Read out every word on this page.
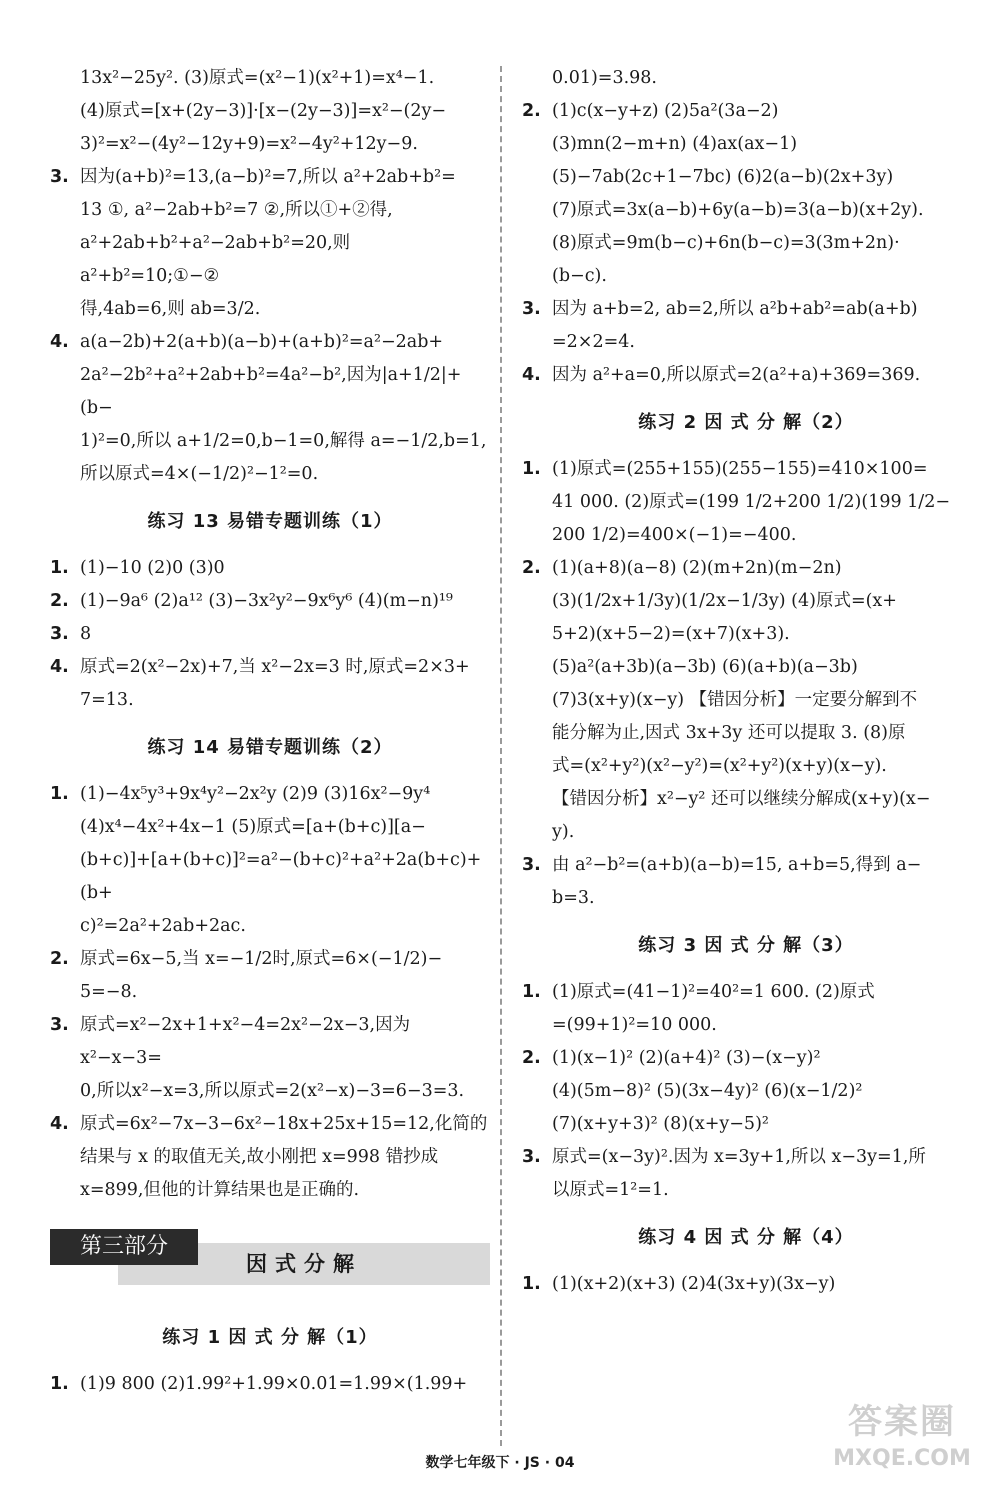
13x²−25y². (3)原式=(x²−1)(x²+1)=x⁴−1.
(4)原式=[x+(2y−3)]·[x−(2y−3)]=x²−(2y−
3)²=x²−(4y²−12y+9)=x²−4y²+12y−9.
3. 因为(a+b)²=13,(a−b)²=7,所以 a²+2ab+b²=
13 ①, a²−2ab+b²=7 ②,所以①+②得,
a²+2ab+b²+a²−2ab+b²=20,则 a²+b²=10;①−②
得,4ab=6,则 ab=3/2.
4. a(a−2b)+2(a+b)(a−b)+(a+b)²=a²−2ab+
2a²−2b²+a²+2ab+b²=4a²−b²,因为|a+1/2|+(b−
1)²=0,所以 a+1/2=0,b−1=0,解得 a=−1/2,b=1,
所以原式=4×(−1/2)²−1²=0.
练习 13 易错专题训练（1）
1. (1)−10 (2)0 (3)0
2. (1)−9a⁶ (2)a¹² (3)−3x²y²−9x⁶y⁶ (4)(m−n)¹⁹
3. 8
4. 原式=2(x²−2x)+7,当 x²−2x=3 时,原式=2×3+
7=13.
练习 14 易错专题训练（2）
1. (1)−4x⁵y³+9x⁴y²−2x²y (2)9 (3)16x²−9y⁴
(4)x⁴−4x²+4x−1 (5)原式=[a+(b+c)][a−
(b+c)]+[a+(b+c)]²=a²−(b+c)²+a²+2a(b+c)+(b+
c)²=2a²+2ab+2ac.
2. 原式=6x−5,当 x=−1/2时,原式=6×(−1/2)−
5=−8.
3. 原式=x²−2x+1+x²−4=2x²−2x−3,因为 x²−x−3=
0,所以x²−x=3,所以原式=2(x²−x)−3=6−3=3.
4. 原式=6x²−7x−3−6x²−18x+25x+15=12,化简的
结果与 x 的取值无关,故小刚把 x=998 错抄成
x=899,但他的计算结果也是正确的.
因式分解
第三部分
练习 1 因 式 分 解（1）
1. (1)9 800 (2)1.99²+1.99×0.01=1.99×(1.99+
0.01)=3.98.
2. (1)c(x−y+z) (2)5a²(3a−2)
(3)mn(2−m+n) (4)ax(ax−1)
(5)−7ab(2c+1−7bc) (6)2(a−b)(2x+3y)
(7)原式=3x(a−b)+6y(a−b)=3(a−b)(x+2y).
(8)原式=9m(b−c)+6n(b−c)=3(3m+2n)·
(b−c).
3. 因为 a+b=2, ab=2,所以 a²b+ab²=ab(a+b)
=2×2=4.
4. 因为 a²+a=0,所以原式=2(a²+a)+369=369.
练习 2 因 式 分 解（2）
1. (1)原式=(255+155)(255−155)=410×100=
41 000. (2)原式=(199 1/2+200 1/2)(199 1/2−
200 1/2)=400×(−1)=−400.
2. (1)(a+8)(a−8) (2)(m+2n)(m−2n)
(3)(1/2x+1/3y)(1/2x−1/3y) (4)原式=(x+
5+2)(x+5−2)=(x+7)(x+3).
(5)a²(a+3b)(a−3b) (6)(a+b)(a−3b)
(7)3(x+y)(x−y) 【错因分析】一定要分解到不
能分解为止,因式 3x+3y 还可以提取 3. (8)原
式=(x²+y²)(x²−y²)=(x²+y²)(x+y)(x−y).
【错因分析】x²−y² 还可以继续分解成(x+y)(x−
y).
3. 由 a²−b²=(a+b)(a−b)=15, a+b=5,得到 a−
b=3.
练习 3 因 式 分 解（3）
1. (1)原式=(41−1)²=40²=1 600. (2)原式
=(99+1)²=10 000.
2. (1)(x−1)² (2)(a+4)² (3)−(x−y)²
(4)(5m−8)² (5)(3x−4y)² (6)(x−1/2)²
(7)(x+y+3)² (8)(x+y−5)²
3. 原式=(x−3y)².因为 x=3y+1,所以 x−3y=1,所
以原式=1²=1.
练习 4 因 式 分 解（4）
1. (1)(x+2)(x+3) (2)4(3x+y)(3x−y)
数学七年级下 · JS · 04
答案圈
MXQE.COM
